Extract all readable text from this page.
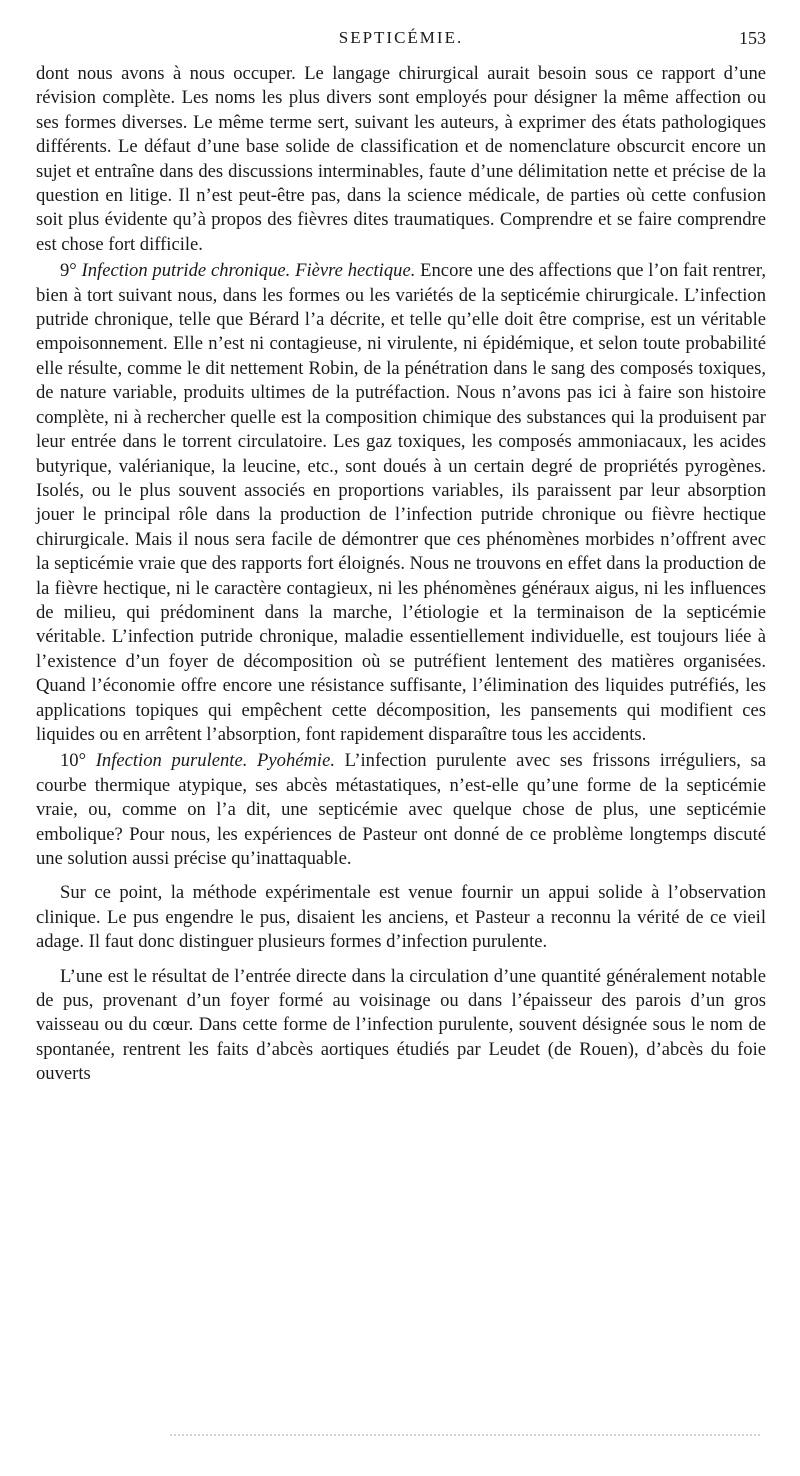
SEPTICÉMIE.	153

dont nous avons à nous occuper. Le langage chirurgical aurait besoin sous ce rapport d’une révision complète. Les noms les plus divers sont employés pour désigner la même affection ou ses formes diverses. Le même terme sert, suivant les auteurs, à exprimer des états pathologiques différents. Le défaut d’une base solide de classification et de nomenclature obscurcit encore un sujet et entraîne dans des discussions interminables, faute d’une délimitation nette et précise de la question en litige. Il n’est peut-être pas, dans la science médicale, de parties où cette confusion soit plus évidente qu’à propos des fièvres dites traumatiques. Comprendre et se faire comprendre est chose fort difficile.

9° Infection putride chronique. Fièvre hectique. Encore une des affections que l’on fait rentrer, bien à tort suivant nous, dans les formes ou les variétés de la septicémie chirurgicale. L’infection putride chronique, telle que Bérard l’a décrite, et telle qu’elle doit être comprise, est un véritable empoisonnement. Elle n’est ni contagieuse, ni virulente, ni épidémique, et selon toute probabilité elle résulte, comme le dit nettement Robin, de la pénétration dans le sang des composés toxiques, de nature variable, produits ultimes de la putréfaction. Nous n’avons pas ici à faire son histoire complète, ni à rechercher quelle est la composition chimique des substances qui la produisent par leur entrée dans le torrent circulatoire. Les gaz toxiques, les composés ammoniacaux, les acides butyrique, valérianique, la leucine, etc., sont doués à un certain degré de propriétés pyrogènes. Isolés, ou le plus souvent associés en proportions variables, ils paraissent par leur absorption jouer le principal rôle dans la production de l’infection putride chronique ou fièvre hectique chirurgicale. Mais il nous sera facile de démontrer que ces phénomènes morbides n’offrent avec la septicémie vraie que des rapports fort éloignés. Nous ne trouvons en effet dans la production de la fièvre hectique, ni le caractère contagieux, ni les phénomènes généraux aigus, ni les influences de milieu, qui prédominent dans la marche, l’étiologie et la terminaison de la septicémie véritable. L’infection putride chronique, maladie essentiellement individuelle, est toujours liée à l’existence d’un foyer de décomposition où se putréfient lentement des matières organisées. Quand l’économie offre encore une résistance suffisante, l’élimination des liquides putréfiés, les applications topiques qui empêchent cette décomposition, les pansements qui modifient ces liquides ou en arrêtent l’absorption, font rapidement disparaître tous les accidents.

10° Infection purulente. Pyohémie. L’infection purulente avec ses frissons irréguliers, sa courbe thermique atypique, ses abcès métastatiques, n’est-elle qu’une forme de la septicémie vraie, ou, comme on l’a dit, une septicémie avec quelque chose de plus, une septicémie embolique? Pour nous, les expériences de Pasteur ont donné de ce problème longtemps discuté une solution aussi précise qu’inattaquable.

Sur ce point, la méthode expérimentale est venue fournir un appui solide à l’observation clinique. Le pus engendre le pus, disaient les anciens, et Pasteur a reconnu la vérité de ce vieil adage. Il faut donc distinguer plusieurs formes d’infection purulente.

L’une est le résultat de l’entrée directe dans la circulation d’une quantité généralement notable de pus, provenant d’un foyer formé au voisinage ou dans l’épaisseur des parois d’un gros vaisseau ou du cœur. Dans cette forme de l’infection purulente, souvent désignée sous le nom de spontanée, rentrent les faits d’abcès aortiques étudiés par Leudet (de Rouen), d’abcès du foie ouverts
